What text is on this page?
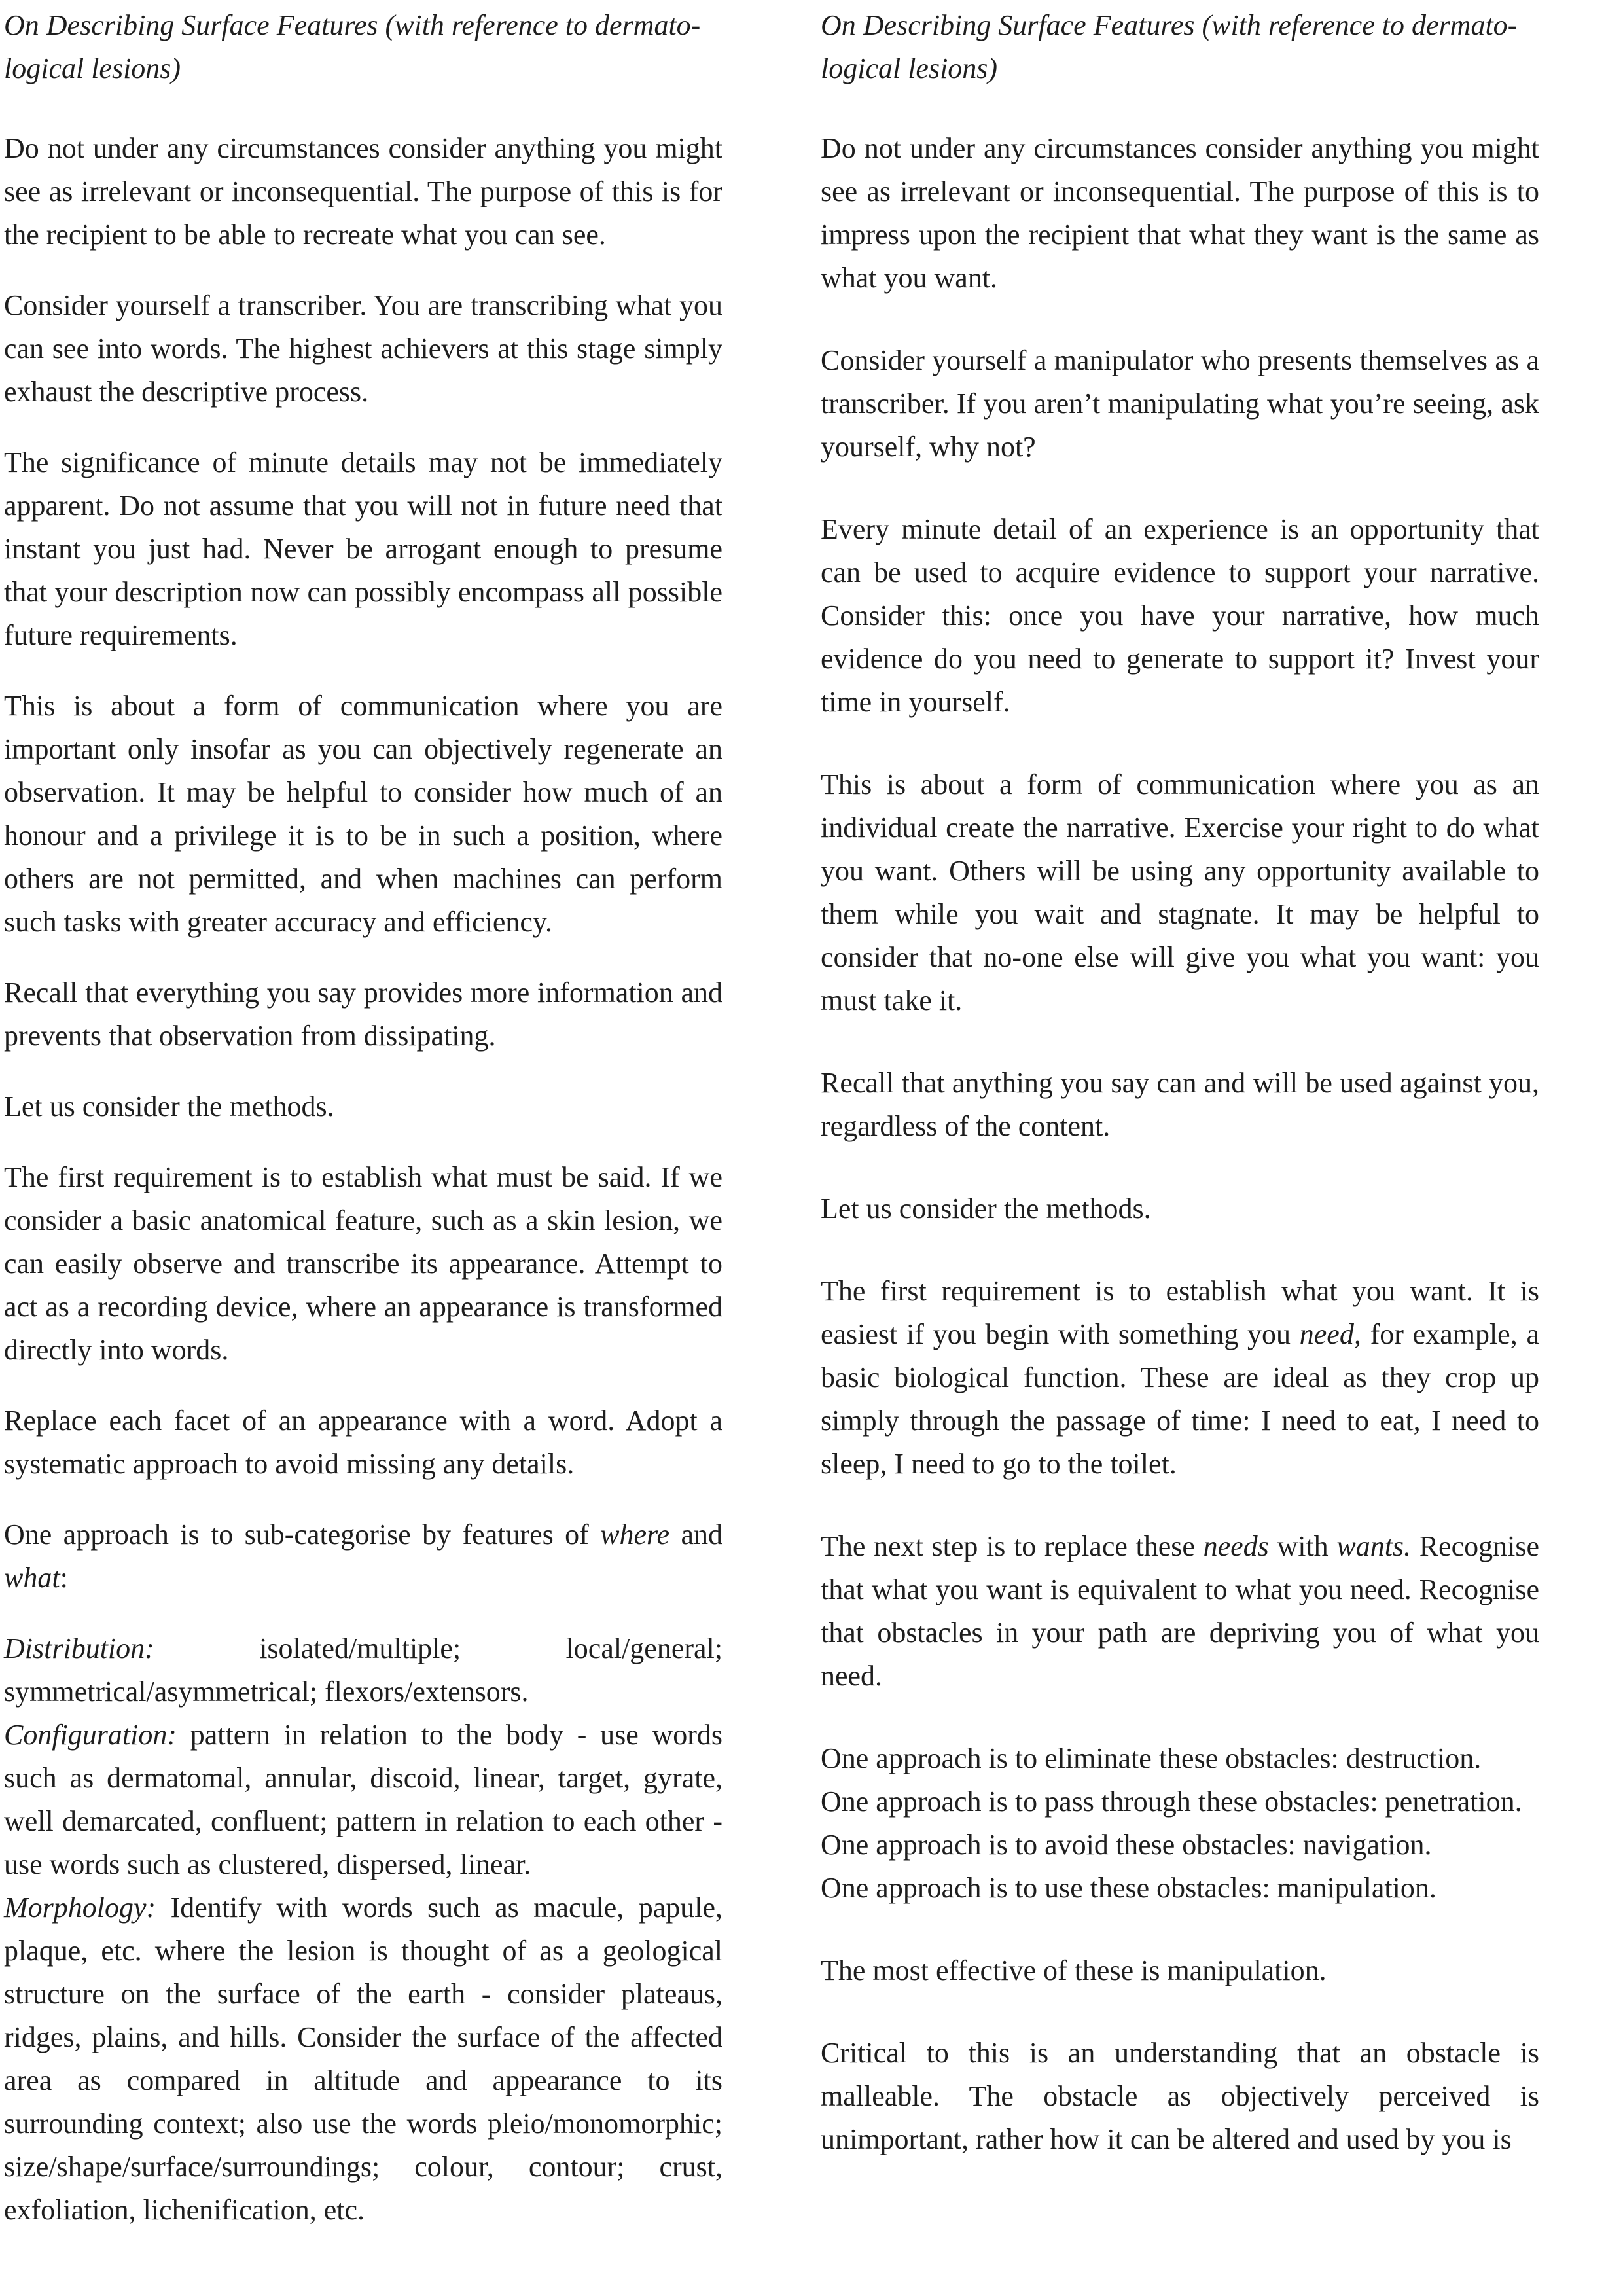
On Describing Surface Features (with reference to dermato-
logical lesions)

Do not under any circumstances consider anything you might see as irrelevant or inconsequential. The purpose of this is for the recipient to be able to recreate what you can see.

Consider yourself a transcriber. You are transcribing what you can see into words. The highest achievers at this stage simply exhaust the descriptive process.

The significance of minute details may not be immediately apparent. Do not assume that you will not in future need that instant you just had. Never be arrogant enough to presume that your description now can possibly encompass all possible future requirements.

This is about a form of communication where you are important only insofar as you can objectively regenerate an observation. It may be helpful to consider how much of an honour and a privilege it is to be in such a position, where others are not permitted, and when machines can perform such tasks with greater accuracy and efficiency.

Recall that everything you say provides more information and prevents that observation from dissipating.

Let us consider the methods.

The first requirement is to establish what must be said. If we consider a basic anatomical feature, such as a skin lesion, we can easily observe and transcribe its appearance. Attempt to act as a recording device, where an appearance is transformed directly into words.

Replace each facet of an appearance with a word. Adopt a systematic approach to avoid missing any details.

One approach is to sub-categorise by features of where and what:

Distribution: isolated/multiple; local/general; symmetrical/asymmetrical; flexors/extensors.

Configuration: pattern in relation to the body - use words such as dermatomal, annular, discoid, linear, target, gyrate, well demarcated, confluent; pattern in relation to each other - use words such as clustered, dispersed, linear.

Morphology: Identify with words such as macule, papule, plaque, etc. where the lesion is thought of as a geological structure on the surface of the earth - consider plateaus, ridges, plains, and hills. Consider the surface of the affected area as compared in altitude and appearance to its surrounding context; also use the words pleio/monomorphic; size/shape/surface/surroundings; colour, contour; crust, exfoliation, lichenification, etc.

On Describing Surface Features (with reference to dermato-
logical lesions)

Do not under any circumstances consider anything you might see as irrelevant or inconsequential. The purpose of this is to impress upon the recipient that what they want is the same as what you want.

Consider yourself a manipulator who presents themselves as a transcriber. If you aren’t manipulating what you’re seeing, ask yourself, why not?

Every minute detail of an experience is an opportunity that can be used to acquire evidence to support your narrative. Consider this: once you have your narrative, how much evidence do you need to generate to support it? Invest your time in yourself.

This is about a form of communication where you as an individual create the narrative. Exercise your right to do what you want. Others will be using any opportunity available to them while you wait and stagnate. It may be helpful to consider that no-one else will give you what you want: you must take it.

Recall that anything you say can and will be used against you, regardless of the content.

Let us consider the methods.

The first requirement is to establish what you want. It is easiest if you begin with something you need, for example, a basic biological function. These are ideal as they crop up simply through the passage of time: I need to eat, I need to sleep, I need to go to the toilet.

The next step is to replace these needs with wants. Recognise that what you want is equivalent to what you need. Recognise that obstacles in your path are depriving you of what you need.

One approach is to eliminate these obstacles: destruction.

One approach is to pass through these obstacles: penetration.

One approach is to avoid these obstacles: navigation.

One approach is to use these obstacles: manipulation.

The most effective of these is manipulation.

Critical to this is an understanding that an obstacle is malleable. The obstacle as objectively perceived is unimportant, rather how it can be altered and used by you is
